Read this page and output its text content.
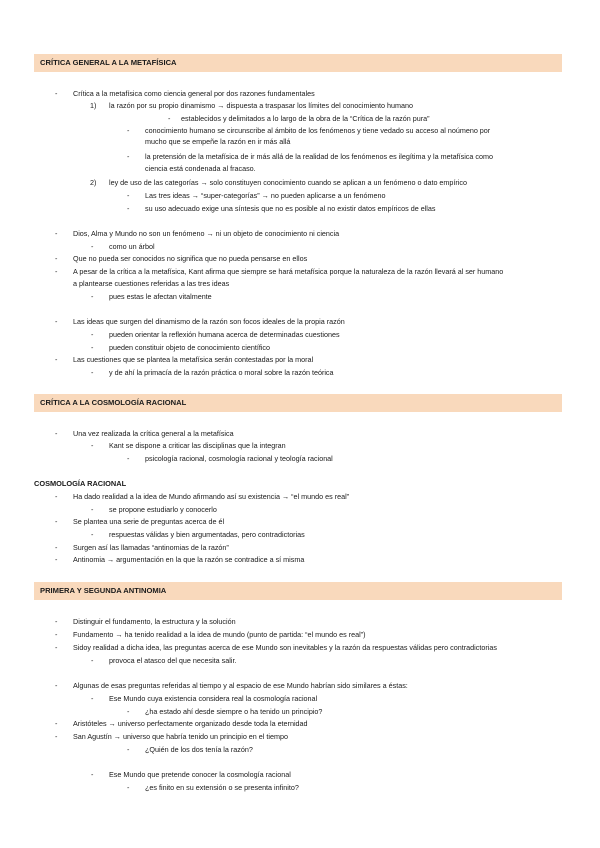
CRÍTICA GENERAL A LA METAFÍSICA
- Crítica a la metafísica como ciencia general por dos razones fundamentales
1) la razón por su propio dinamismo → dispuesta a traspasar los límites del conocimiento humano
- establecidos y delimitados a lo largo de la obra de la “Crítica de la razón pura”
- conocimiento humano se circunscribe al ámbito de los fenómenos y tiene vedado su acceso al noúmeno por
mucho que se empeñe la razón en ir más allá
- la pretensión de la metafísica de ir más allá de la realidad de los fenómenos es ilegítima y la metafísica como
ciencia está condenada al fracaso.
2) ley de uso de las categorías → solo constituyen conocimiento cuando se aplican a un fenómeno o dato empírico
- Las tres ideas → “super-categorías” → no pueden aplicarse a un fenómeno
- su uso adecuado exige una síntesis que no es posible al no existir datos empíricos de ellas
- Dios, Alma y Mundo no son un fenómeno → ni un objeto de conocimiento ni ciencia
- como un árbol
- Que no pueda ser conocidos no significa que no pueda pensarse en ellos
- A pesar de la crítica a la metafísica, Kant afirma que siempre se hará metafísica porque la naturaleza de la razón llevará al ser humano
a plantearse cuestiones referidas a las tres ideas
- pues estas le afectan vitalmente
- Las ideas que surgen del dinamismo de la razón son focos ideales de la propia razón
- pueden orientar la reflexión humana acerca de determinadas cuestiones
- pueden constituir objeto de conocimiento científico
- Las cuestiones que se plantea la metafísica serán contestadas por la moral
- y de ahí la primacía de la razón práctica o moral sobre la razón teórica
CRÍTICA A LA COSMOLOGÍA RACIONAL
- Una vez realizada la crítica general a la metafísica
- Kant se dispone a criticar las disciplinas que la integran
- psicología racional, cosmología racional y teología racional
COSMOLOGÍA RACIONAL
- Ha dado realidad a la idea de Mundo afirmando así su existencia → “el mundo es real”
- se propone estudiarlo y conocerlo
- Se plantea una serie de preguntas acerca de él
- respuestas válidas y bien argumentadas, pero contradictorias
- Surgen así las llamadas “antinomias de la razón”
- Antinomia → argumentación en la que la razón se contradice a sí misma
PRIMERA Y SEGUNDA ANTINOMIA
- Distinguir el fundamento, la estructura y la solución
- Fundamento → ha tenido realidad a la idea de mundo (punto de partida: “el mundo es real”)
- Sidoy realidad a dicha idea, las preguntas acerca de ese Mundo son inevitables y la razón da respuestas válidas pero contradictorias
- provoca el atasco del que necesita salir.
- Algunas de esas preguntas referidas al tiempo y al espacio de ese Mundo habrían sido similares a éstas:
- Ese Mundo cuya existencia considera real la cosmología racional
- ¿ha estado ahí desde siempre o ha tenido un principio?
- Aristóteles → universo perfectamente organizado desde toda la eternidad
- San Agustín → universo que habría tenido un principio en el tiempo
- ¿Quién de los dos tenía la razón?
- Ese Mundo que pretende conocer la cosmología racional
- ¿es finito en su extensión o se presenta infinito?
